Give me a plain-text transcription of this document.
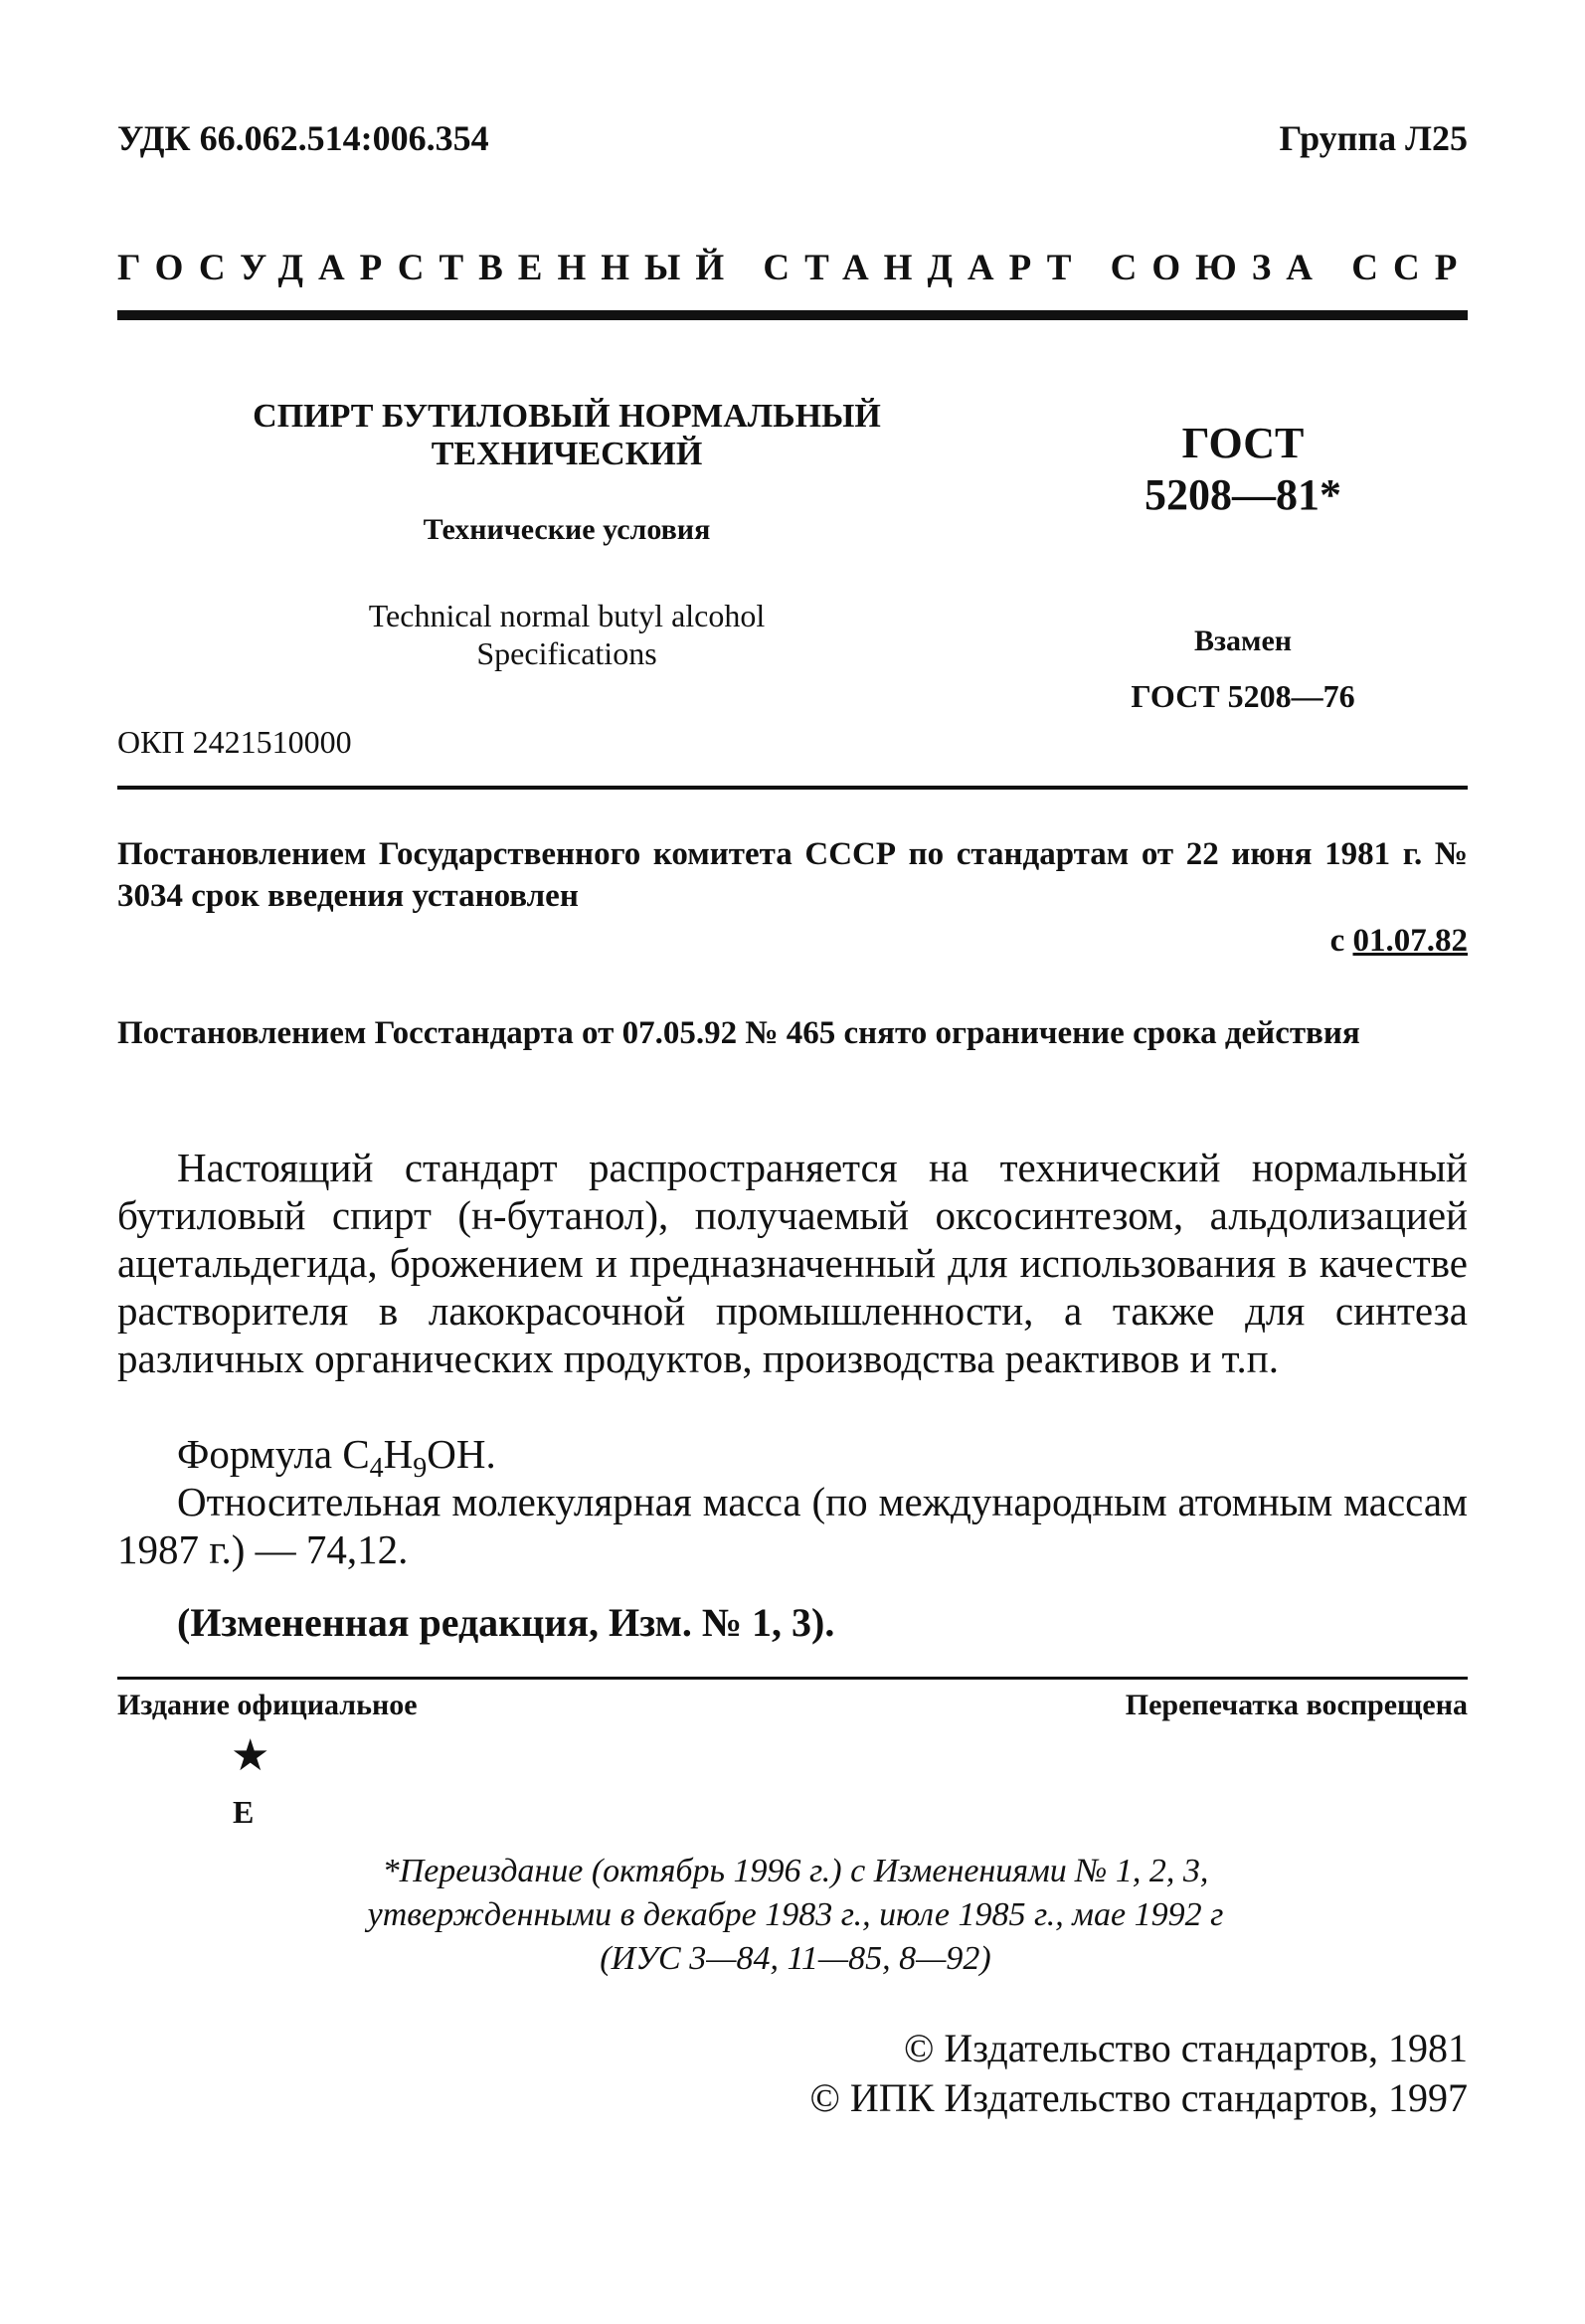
УДК 66.062.514:006.354	Группа Л25
ГОСУДАРСТВЕННЫЙ СТАНДАРТ СОЮЗА ССР
СПИРТ БУТИЛОВЫЙ НОРМАЛЬНЫЙ
ТЕХНИЧЕСКИЙ
Технические условия
Technical normal butyl alcohol
Specifications
ГОСТ
5208—81*
Взамен
ГОСТ 5208—76
ОКП 2421510000
Постановлением Государственного комитета СССР по стандартам от 22 июня 1981 г. № 3034 срок введения установлен
с 01.07.82
Постановлением Госстандарта от 07.05.92 № 465 снято ограничение срока действия
Настоящий стандарт распространяется на технический нормальный бутиловый спирт (н-бутанол), получаемый оксосинтезом, альдолизацией ацетальдегида, брожением и предназначенный для использования в качестве растворителя в лакокрасочной промышленности, а также для синтеза различных органических продуктов, производства реактивов и т.п.
Формула $C_4H_9OH$.
Относительная молекулярная масса (по международным атомным массам 1987 г.) — 74,12.
(Измененная редакция, Изм. № 1, 3).
Издание официальное	Перепечатка воспрещена
★
Е
*Переиздание (октябрь 1996 г.) с Изменениями № 1, 2, 3,
утвержденными в декабре 1983 г., июле 1985 г., мае 1992 г
(ИУС 3—84, 11—85, 8—92)
© Издательство стандартов, 1981
© ИПК Издательство стандартов, 1997
